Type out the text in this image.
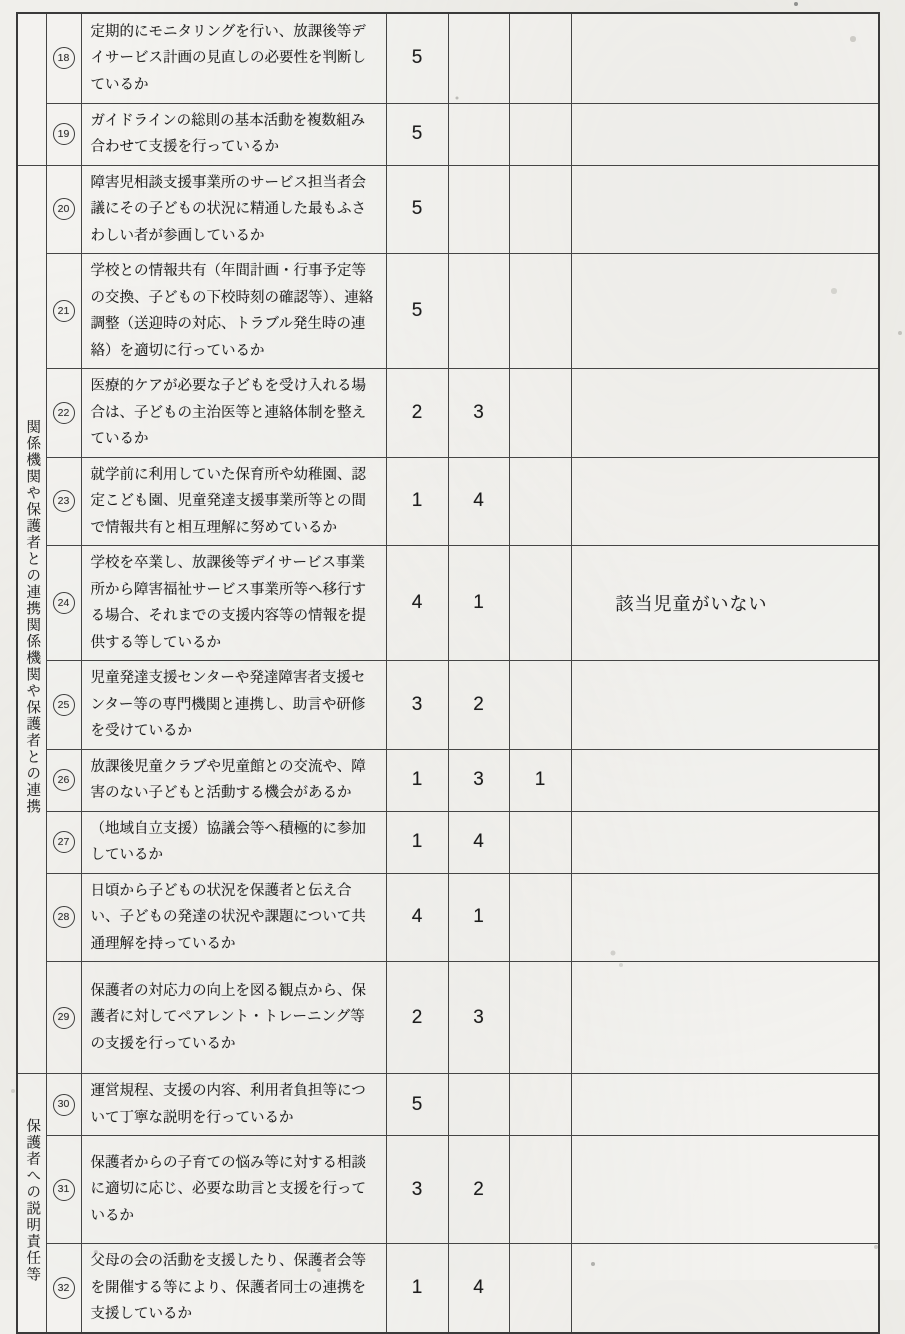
	18	定期的にモニタリングを行い、放課後等デイサービス計画の見直しの必要性を判断しているか	5			
	19	ガイドラインの総則の基本活動を複数組み合わせて支援を行っているか	5			
関係機関や保護者との連携関係機関や保護者との連携	20	障害児相談支援事業所のサービス担当者会議にその子どもの状況に精通した最もふさわしい者が参画しているか	5			
	21	学校との情報共有（年間計画・行事予定等の交換、子どもの下校時刻の確認等）、連絡調整（送迎時の対応、トラブル発生時の連絡）を適切に行っているか	5			
	22	医療的ケアが必要な子どもを受け入れる場合は、子どもの主治医等と連絡体制を整えているか	2	3		
	23	就学前に利用していた保育所や幼稚園、認定こども園、児童発達支援事業所等との間で情報共有と相互理解に努めているか	1	4		
	24	学校を卒業し、放課後等デイサービス事業所から障害福祉サービス事業所等へ移行する場合、それまでの支援内容等の情報を提供する等しているか	4	1		該当児童がいない
	25	児童発達支援センターや発達障害者支援センター等の専門機関と連携し、助言や研修を受けているか	3	2		
	26	放課後児童クラブや児童館との交流や、障害のない子どもと活動する機会があるか	1	3	1	
	27	（地域自立支援）協議会等へ積極的に参加しているか	1	4		
	28	日頃から子どもの状況を保護者と伝え合い、子どもの発達の状況や課題について共通理解を持っているか	4	1		
	29	保護者の対応力の向上を図る観点から、保護者に対してペアレント・トレーニング等の支援を行っているか	2	3		
保護者への説明責任等	30	運営規程、支援の内容、利用者負担等について丁寧な説明を行っているか	5			
	31	保護者からの子育ての悩み等に対する相談に適切に応じ、必要な助言と支援を行っているか	3	2		
	32	父母の会の活動を支援したり、保護者会等を開催する等により、保護者同士の連携を支援しているか	1	4		
